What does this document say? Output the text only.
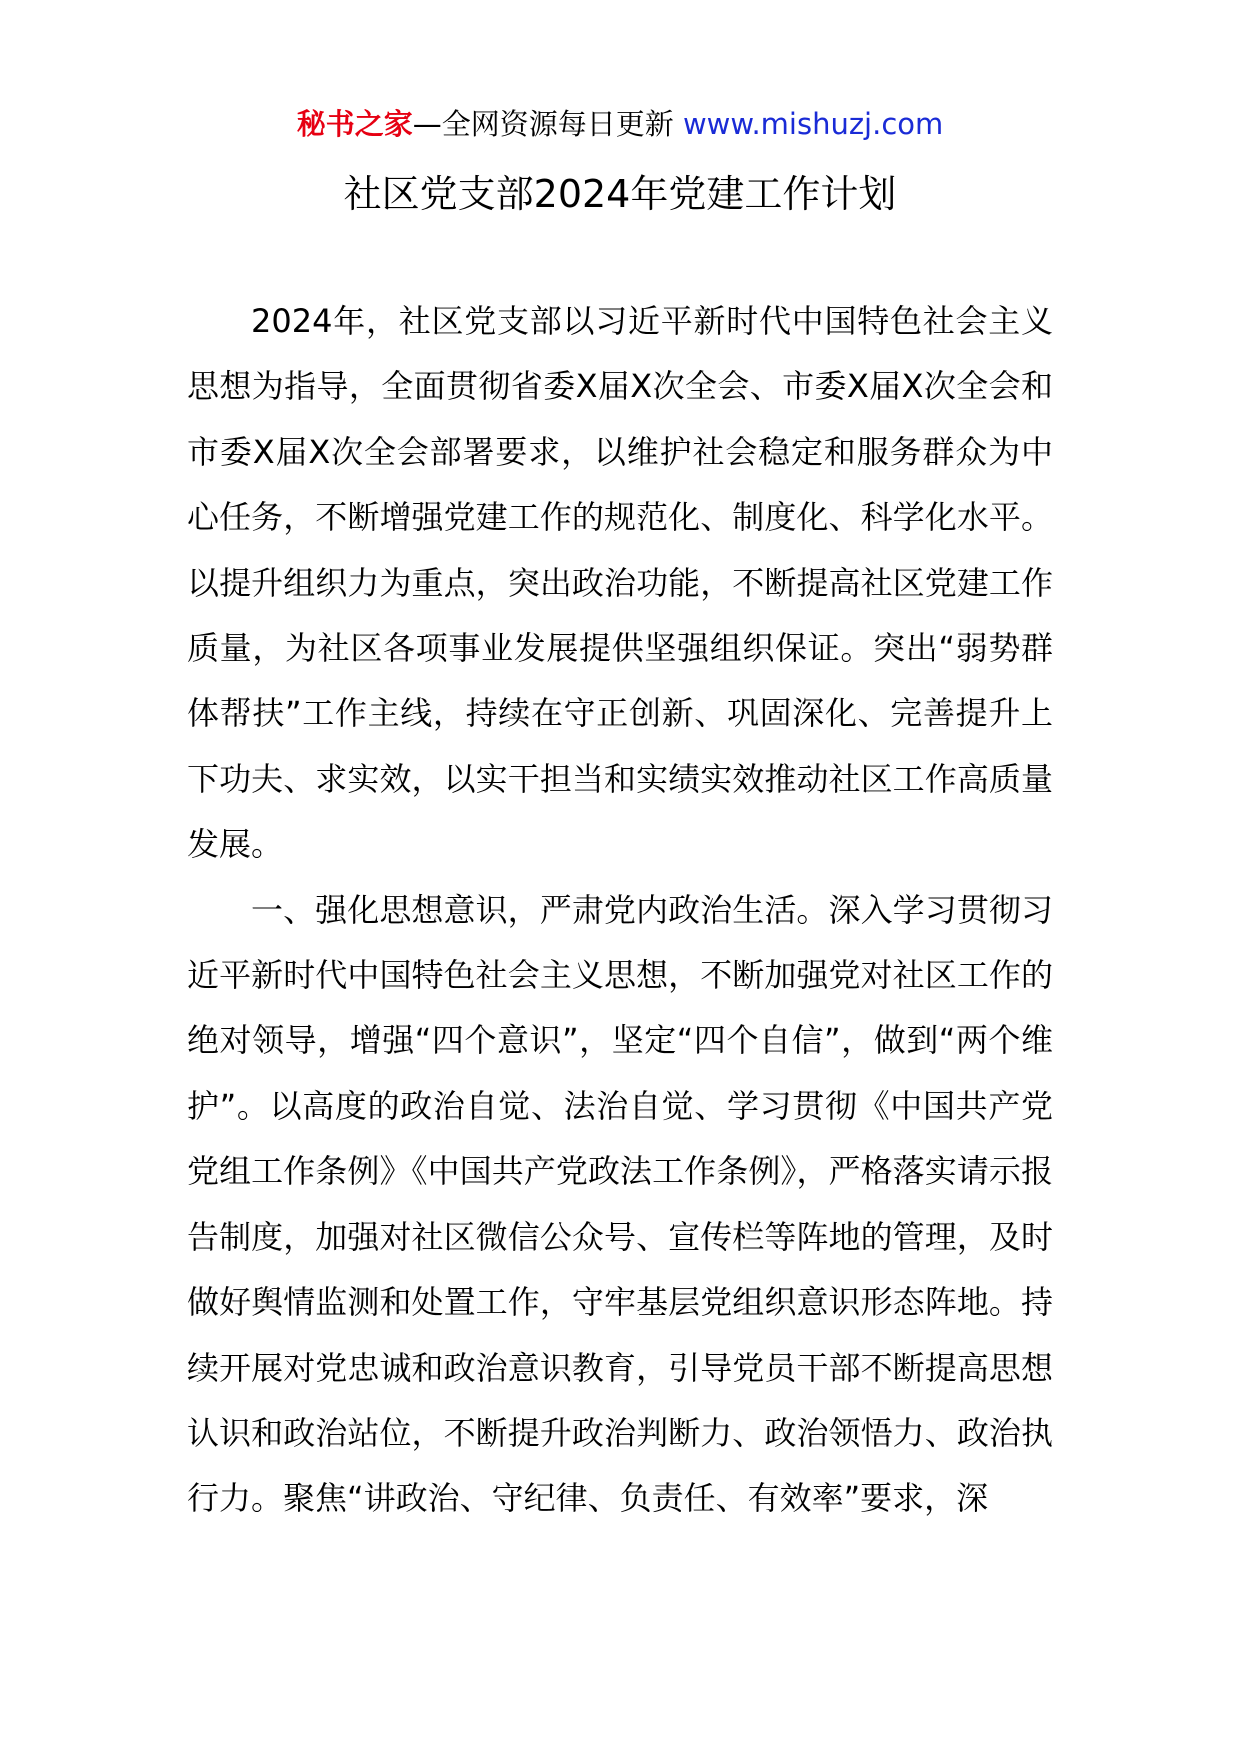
秘书之家—全网资源每日更新 www.mishuzj.com
社区党支部2024年党建工作计划

2024年，社区党支部以习近平新时代中国特色社会主义思想为指导，全面贯彻省委X届X次全会、市委X届X次全会和市委X届X次全会部署要求，以维护社会稳定和服务群众为中心任务，不断增强党建工作的规范化、制度化、科学化水平。以提升组织力为重点，突出政治功能，不断提高社区党建工作质量，为社区各项事业发展提供坚强组织保证。突出“弱势群体帮扶”工作主线，持续在守正创新、巩固深化、完善提升上下功夫、求实效，以实干担当和实绩实效推动社区工作高质量发展。

一、强化思想意识，严肃党内政治生活。深入学习贯彻习近平新时代中国特色社会主义思想，不断加强党对社区工作的绝对领导，增强“四个意识”，坚定“四个自信”，做到“两个维护”。以高度的政治自觉、法治自觉、学习贯彻《中国共产党党组工作条例》《中国共产党政法工作条例》，严格落实请示报告制度，加强对社区微信公众号、宣传栏等阵地的管理，及时做好舆情监测和处置工作，守牢基层党组织意识形态阵地。持续开展对党忠诚和政治意识教育，引导党员干部不断提高思想认识和政治站位，不断提升政治判断力、政治领悟力、政治执行力。聚焦“讲政治、守纪律、负责任、有效率”要求，深
